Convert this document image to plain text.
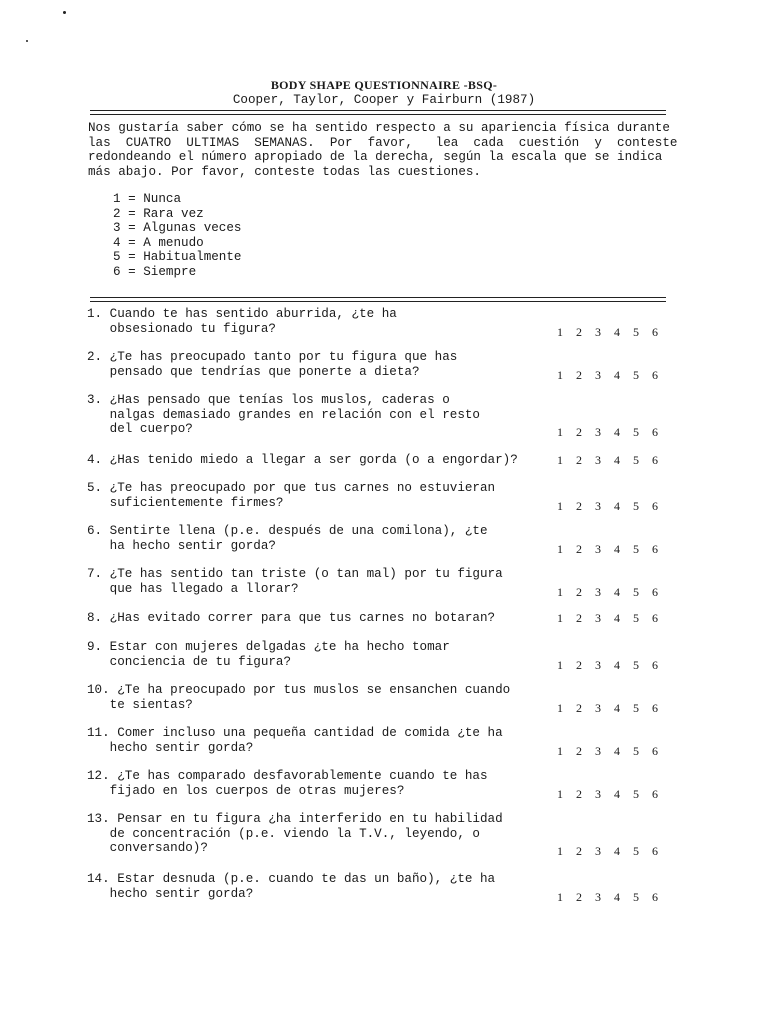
BODY SHAPE QUESTIONNAIRE -BSQ-
Cooper, Taylor, Cooper y Fairburn (1987)
Nos gustaría saber cómo se ha sentido respecto a su apariencia física durante
las  CUATRO  ULTIMAS  SEMANAS.  Por  favor,   lea  cada  cuestión  y  conteste
redondeando el número apropiado de la derecha, según la escala que se indica
más abajo. Por favor, conteste todas las cuestiones.
1 = Nunca
2 = Rara vez
3 = Algunas veces
4 = A menudo
5 = Habitualmente
6 = Siempre
1. Cuando te has sentido aburrida, ¿te ha
obsesionado tu figura?	1 2 3 4 5 6
2. ¿Te has preocupado tanto por tu figura que has
pensado que tendrías que ponerte a dieta?	1 2 3 4 5 6
3. ¿Has pensado que tenías los muslos, caderas o
nalgas demasiado grandes en relación con el resto
del cuerpo?	1 2 3 4 5 6
4. ¿Has tenido miedo a llegar a ser gorda (o a engordar)?	1 2 3 4 5 6
5. ¿Te has preocupado por que tus carnes no estuvieran
suficientemente firmes?	1 2 3 4 5 6
6. Sentirte llena (p.e. después de una comilona), ¿te
ha hecho sentir gorda?	1 2 3 4 5 6
7. ¿Te has sentido tan triste (o tan mal) por tu figura
que has llegado a llorar?	1 2 3 4 5 6
8. ¿Has evitado correr para que tus carnes no botaran?	1 2 3 4 5 6
9. Estar con mujeres delgadas ¿te ha hecho tomar
conciencia de tu figura?	1 2 3 4 5 6
10. ¿Te ha preocupado por tus muslos se ensanchen cuando
te sientas?	1 2 3 4 5 6
11. Comer incluso una pequeña cantidad de comida ¿te ha
hecho sentir gorda?	1 2 3 4 5 6
12. ¿Te has comparado desfavorablemente cuando te has
fijado en los cuerpos de otras mujeres?	1 2 3 4 5 6
13. Pensar en tu figura ¿ha interferido en tu habilidad
de concentración (p.e. viendo la T.V., leyendo, o
conversando)?	1 2 3 4 5 6
14. Estar desnuda (p.e. cuando te das un baño), ¿te ha
hecho sentir gorda?	1 2 3 4 5 6
